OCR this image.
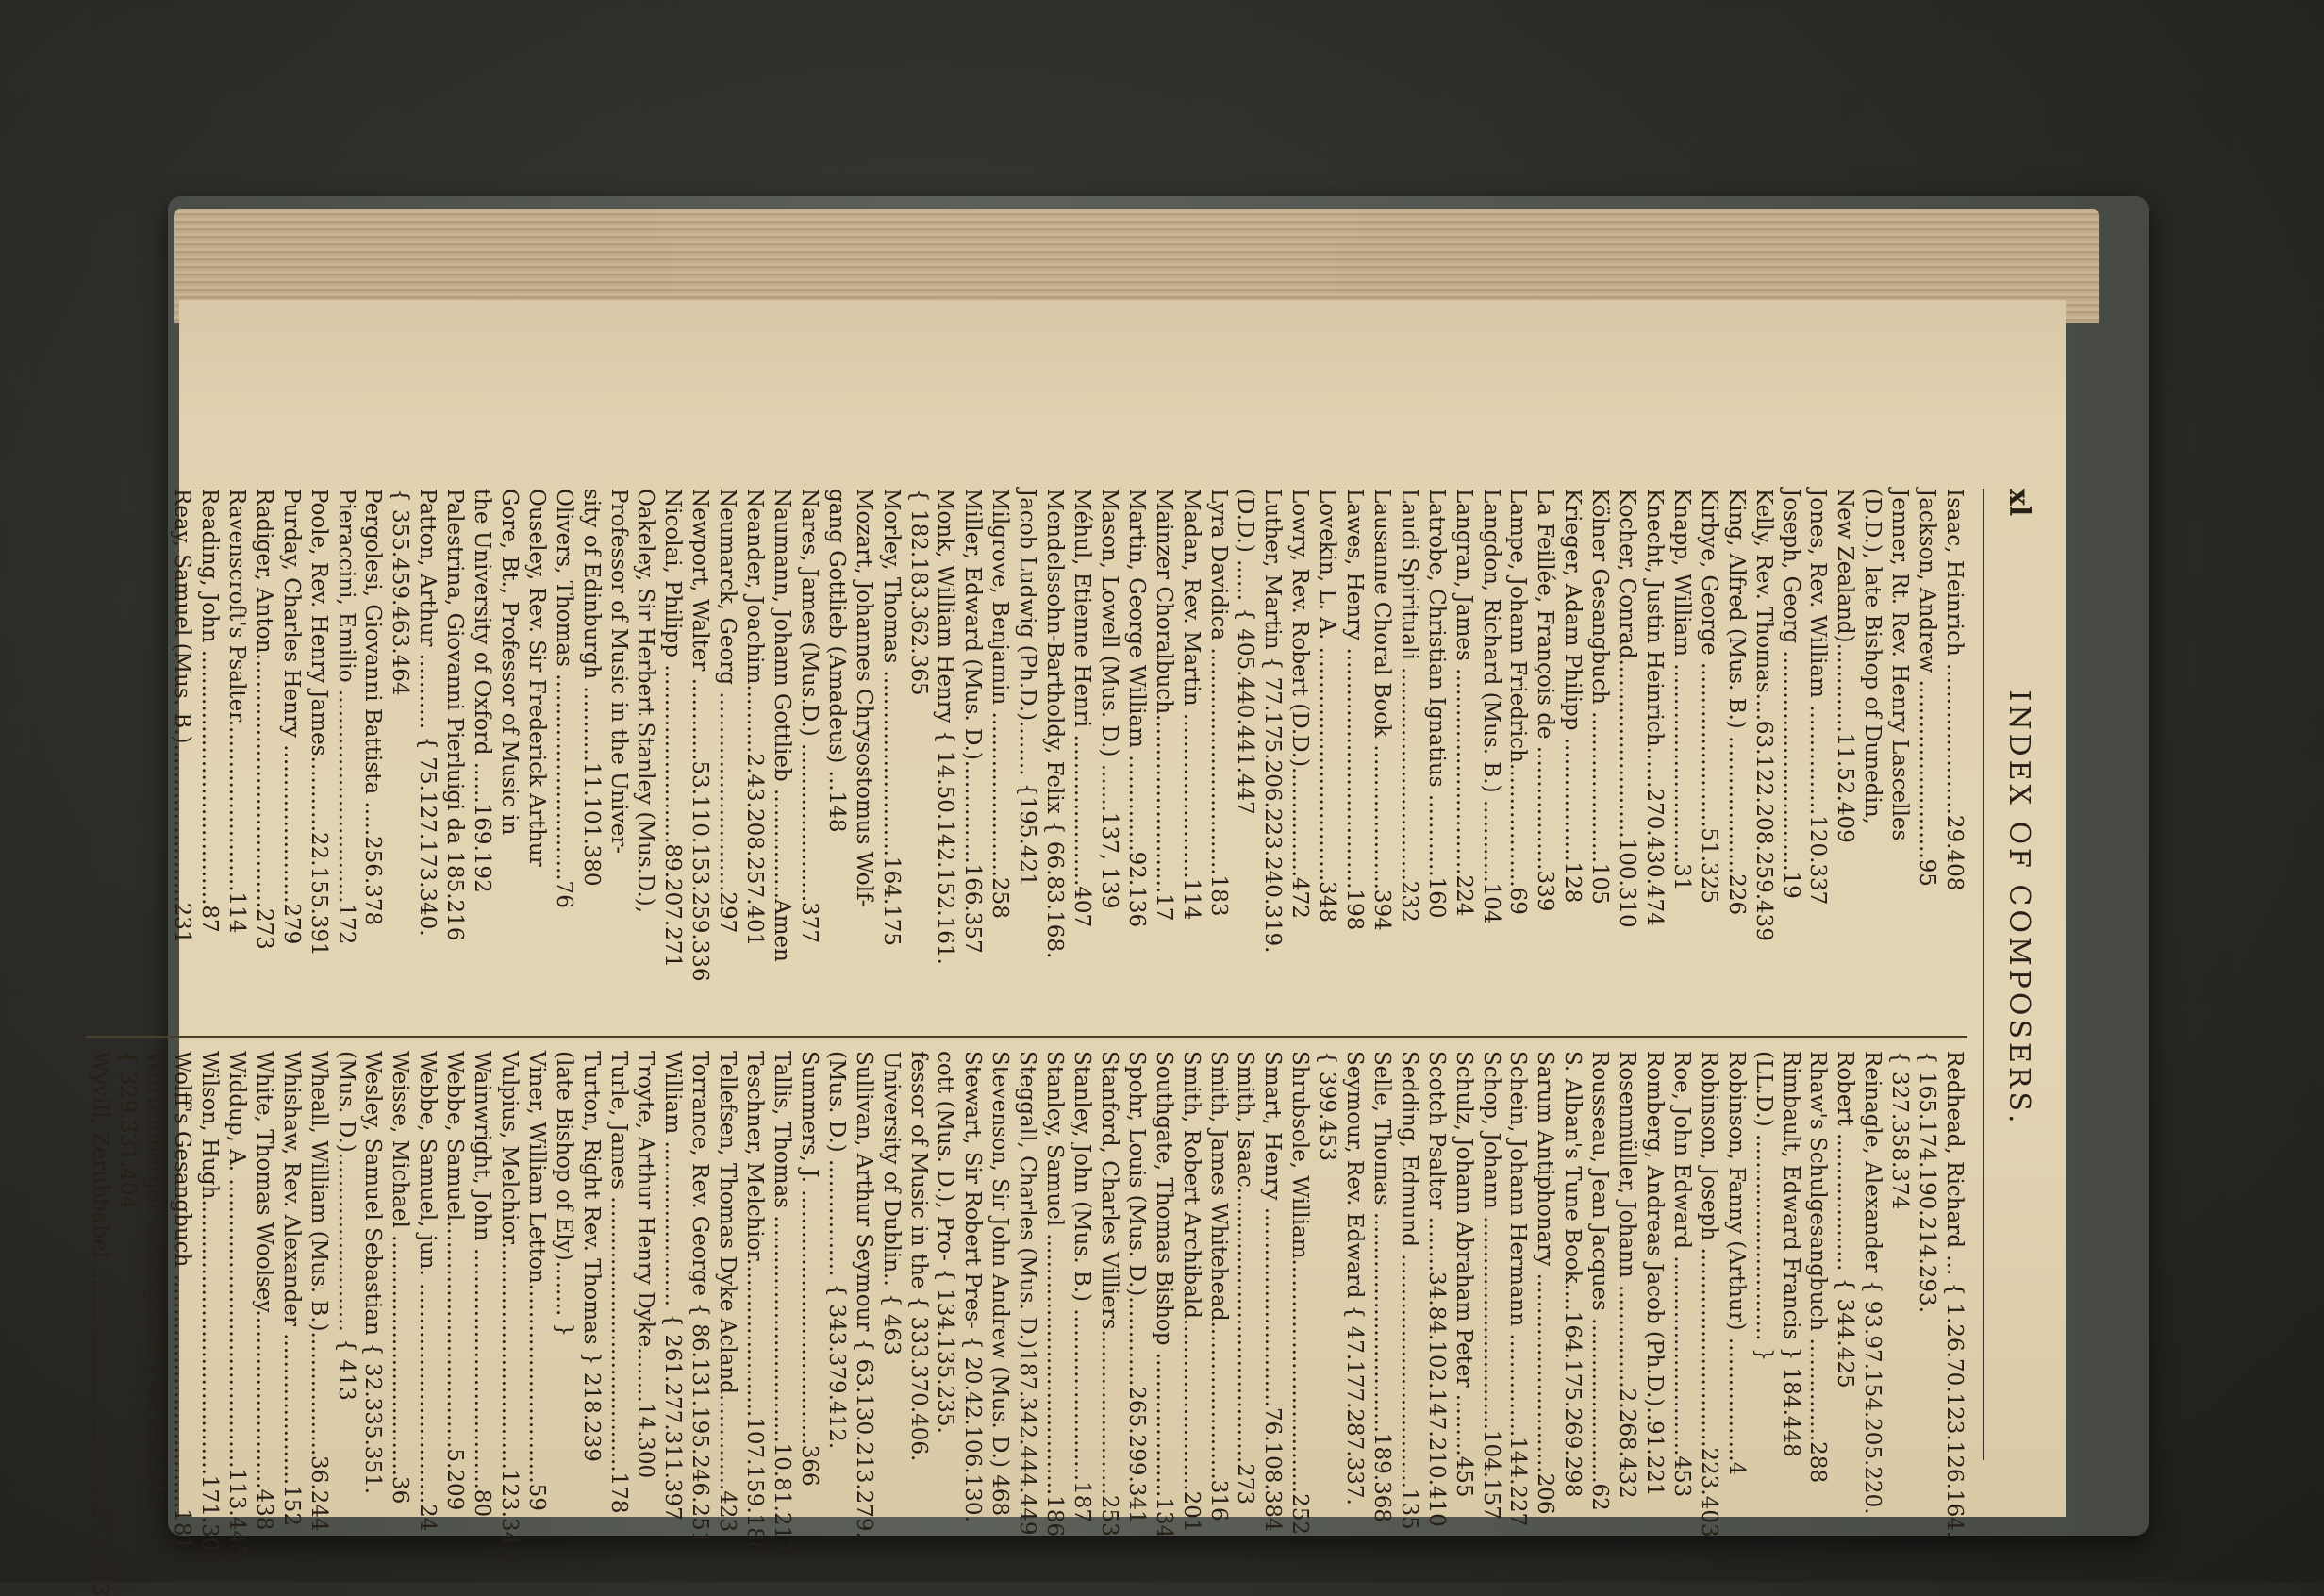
xl
INDEX OF COMPOSERS.
Isaac, Heinrich ......................29.408
Jackson, Andrew ..........................95
Jenner, Rt. Rev. Henry Lascelles
(D.D.), late Bishop of Dunedin,
New Zealand).............11.52.409
Jones, Rev. William ................120.337
Joseph, Georg ................................19
Kelly, Rev. Thomas....63.122.208.259.439
King, Alfred (Mus. B.) ....................226
Kirbye, George ........................51.325
Knapp, William .............................31
Knecht, Justin Heinrich......270.430.474
Kocher, Conrad..........................100.310
Kölner Gesangbuch ......................105
Krieger, Adam Philipp ..................128
La Feillée, François de ..................339
Lampe, Johann Friedrich..................69
Langdon, Richard (Mus. B.) ............104
Langran, James ..............................224
Latrobe, Christian Ignatius ............160
Laudi Spirituali ...............................232
Lausanne Choral Book .....................394
Lawes, Henry ...................................198
Lovekin, L. A. ..................................348
Lowry, Rev. Robert (D.D.)................472
Luther, Martin { 77.175.206.223.240.319.
(D.D.) ...... { 405.440.441.447
Lyra Davidica .................................183
Madan, Rev. Martin ........................114
Mainzer Choralbuch..........................17
Martin, George William ..............92.136
Mason, Lowell (Mus. D.) .......137, 139
Méhul, Etienne Henri ......................407
Mendelssohn-Bartholdy, Felix { 66.83.168.
Jacob Ludwig (Ph.D.)........ {195.421
Milgrove, Benjamin ........................258
Miller, Edward (Mus. D.)...............166.357
Monk, William Henry { 14.50.142.152.161.
{ 182.183.362.365
Morley, Thomas ...........................164.175
Mozart, Johannes Chrysostomus Wolf-
gang Gottlieb (Amadeus) ...148
Nares, James (Mus.D.) .......................377
Naumann, Johann Gottlieb ................Amen
Neander, Joachim..........2.43.208.257.401
Neumarck, Georg .............................297
Newport, Walter ............53.110.153.259.336
Nicolai, Philipp ..........................89.207.271
Oakeley, Sir Herbert Stanley (Mus.D.),
Professor of Music in the Univer-
sity of Edinburgh ...........11.101.380
Olivers, Thomas ..............................76
Ouseley, Rev. Sir Frederick Arthur
Gore, Bt., Professor of Music in
the University of Oxford ......169.192
Palestrina, Giovanni Pierluigi da 185.216
Patton, Arthur ........... { 75.127.173.340.
{ 355.459.463.464
Pergolesi, Giovanni Battista .....256.378
Pieraccini, Emilio ...............................172
Poole, Rev. Henry James...........22.155.391
Purday, Charles Henry .......................279
Radiger, Anton.....................................273
Ravenscroft's Psalter.........................114
Reading, John .....................................87
Reay, Samuel (Mus. B.).......................231
Redhead, Richard ... { 1.26.70.123.126.164.
{ 165.174.190.214.293.
{ 327.358.374
Reinagle, Alexander { 93.97.154.205.220.
Robert .................... { 344.425
Rhaw's Schulgesangbuch ...............288
Rimbault, Edward Francis } 184.448
(LL.D.) .............................. }
Robinson, Fanny (Arthur) ..................4
Robinson, Joseph .............................223.403
Roe, John Edward .............................453
Romberg, Andreas Jacob (Ph.D.)..91.221
Rosenmüller, Johann ...............2.268.432
Rousseau, Jean Jacques ........................62
S. Alban's Tune Book....164.175.269.298
Sarum Antiphonary .............................206
Schein, Johann Hermann ...............144.227
Schop, Johann ...............................104.157
Schulz, Johann Abraham Peter .........455
Scotch Psalter ........34.84.102.147.210.410
Sedding, Edmund ..................................135
Selle, Thomas ................................189.368
Seymour, Rev. Edward { 47.177.287.337.
{ 399.453
Shrubsole, William..................................252
Smart, Henry .............................76.108.384
Smith, Isaac........................................273
Smith, James Whitehead.......................316
Smith, Robert Archibald.........................201
Southgate, Thomas Bishop .....................134
Spohr, Louis (Mus. D.).............265.299.341
Stanford, Charles Villiers........................253
Stanley, John (Mus. B.) .........................187
Stanley, Samuel ......................................186
Steggall, Charles (Mus. D.)187.342.444.449
Stevenson, Sir John Andrew (Mus. D.) 468
Stewart, Sir Robert Pres- { 20.42.106.130.
cott (Mus. D.), Pro- { 134.135.235.
fessor of Music in the { 333.370.406.
University of Dublin.. { 463
Sullivan, Arthur Seymour { 63.130.213.279.
(Mus. D.) ................. { 343.379.412.
Summers, J. .....................................366
Tallis, Thomas .................................10.81.217
Teschner, Melchior.......................107.159.188
Tellefsen, Thomas Dyke Acland..............423
Torrance, Rev. George { 86.131.195.246.251.
William ........................ { 261.277.311.397
Troyte, Arthur Henry Dyke........14.300
Turle, James ........................................178
Turton, Right Rev. Thomas } 218.239
(late Bishop of Ely)........ }
Viner, William Letton.............................59
Vulpius, Melchior.................................123.343
Wainwright, John ...................................80
Webbe, Samuel.................................5.209
Webbe, Samuel, jun. ................................24
Weisse, Michael ...................................36
Wesley, Samuel Sebastian { 32.335.351.
(Mus. D.).......................... { 413
Wheall, William (Mus. B.)..................36.244
Whishaw, Rev. Alexander ......................152
White, Thomas Woolsey..........................438
Widdup, A. ..........................................113.445
Wilson, Hugh........................................171.303
Wolff's Gesangbuch ..................................181
Würtemberger Gesangbuch { 60.236.242.
{ 329.331.404
Wyvill, Zerubbabel ...................................373.433
